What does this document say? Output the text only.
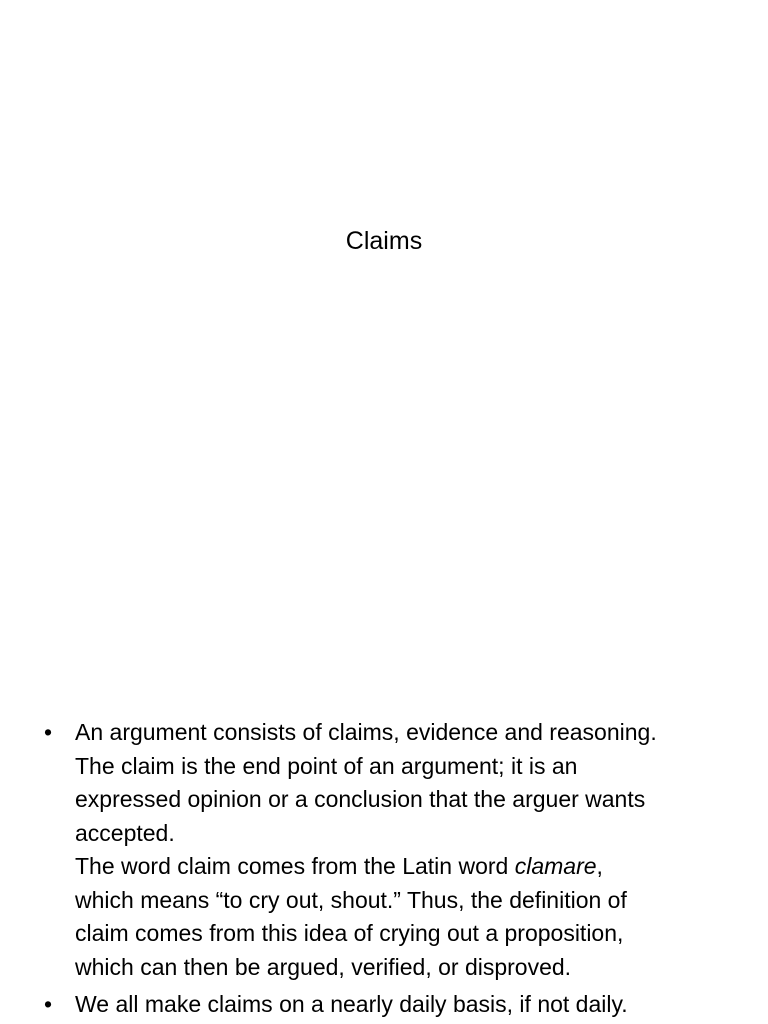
Claims
• An argument consists of claims, evidence and reasoning.
The claim is the end point of an argument; it is an
expressed opinion or a conclusion that the arguer wants
accepted.
The word claim comes from the Latin word clamare,
which means “to cry out, shout.” Thus, the definition of
claim comes from this idea of crying out a proposition,
which can then be argued, verified, or disproved.
• We all make claims on a nearly daily basis, if not daily.
